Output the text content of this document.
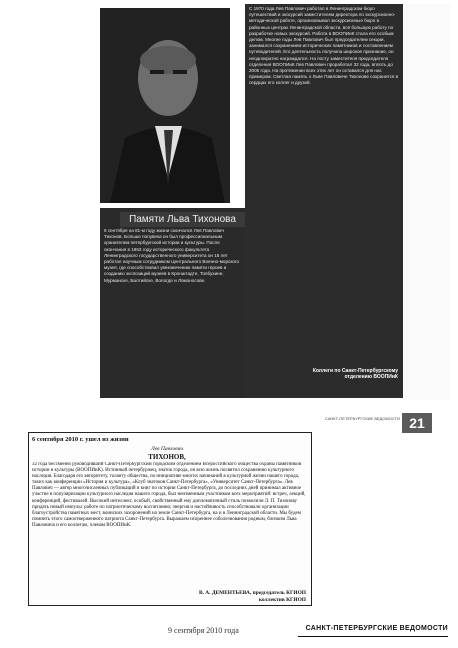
Памяти Льва Тихонова
6 сентября на 81-м году жизни скончался Лев Павлович Тихонов. Больше полувека он был профессиональным хранителем петербургской истории и культуры. После окончания в 1953 году исторического факультета Ленинградского государственного университета он 18 лет работал научным сотрудником Центрального Военно-морского музея, где способствовал увековечению памяти героев и созданию экспозиций музеев в Кронштадте, Толбухине, Мурманске, Балтийске, Вологде и Ломоносове.
С 1970 года Лев Павлович работал в Ленинградском бюро путешествий и экскурсий заместителем директора по экскурсионно-методической работе, организовывал экскурсионные бюро в районных центрах Ленинградской области, всё большую работу по разработке новых экскурсий. Работа в ВООПИиК стала его особым делом. Многие годы Лев Павлович был председателем секции, занимался сохранением исторических памятников и составлением путеводителей. Его деятельность получила широкое признание, он неоднократно награждался. На посту заместителя председателя отделения ВООПИиК Лев Павлович проработал 32 года, вплоть до 2005 года. На протяжении всех этих лет он оставался для нас примером. Светлая память о Льве Павловиче Тихонове сохранится в сердцах его коллег и друзей.
Коллеги по Санкт-Петербургскому отделению ВООПИиК
САНКТ-ПЕТЕРБУРГСКИЕ ВЕДОМОСТИ 21
6 сентября 2010 г. ушел из жизни
Лев Павлович
ТИХОНОВ,
32 года бессменно руководивший Санкт-Петербургским городским отделением Всероссийского общества охраны памятников истории и культуры (ВООПИиК). Истинный петербуржец, знаток города, он всю жизнь посвятил сохранению культурного наследия. Благодаря его авторитету, таланту общества, по инициативе многих начинаний в культурной жизни нашего города, таких как конференции «История и культура», «Клуб знатоков Санкт-Петербурга», «Университет Санкт-Петербурга». Лев Павлович — автор многочисленных публикаций и книг по истории Санкт-Петербурга, до последних дней принимал активное участие в популяризации культурного наследия нашего города, был неизменным участником всех мероприятий: встреч, лекций, конференций, фестивалей. Высокий интеллект, особый, свойственный ему дипломатичный стиль позволили Л. П. Тихонову придать новый импульс работе по патриотическому воспитанию; энергия и настойчивость способствовали организации благоустройства памятных мест, воинских захоронений на земле Санкт-Петербурга, на и в Ленинградской области. Мы будем помнить этого самоотверженного патриота Санкт-Петербурга. Выражаем искреннее соболезнования родным, близким Льва Павловича и его коллегам, членам ВООПИиК.
В. А. ДЕМЕНТЬЕВА, председатель КГИОП
коллектив КГИОП
9 сентября 2010 года	САНКТ-ПЕТЕРБУРГСКИЕ ВЕДОМОСТИ
